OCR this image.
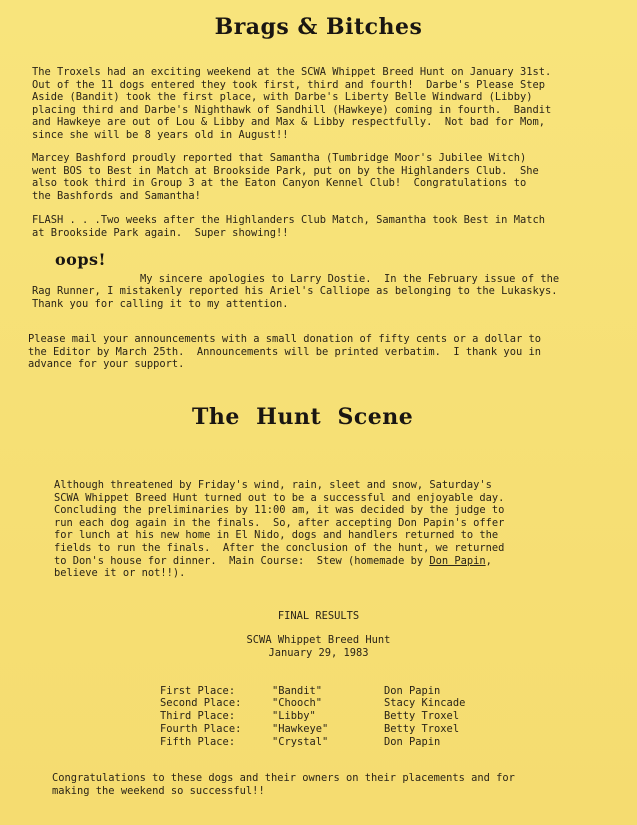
Brags & Bitches

The Troxels had an exciting weekend at the SCWA Whippet Breed Hunt on January 31st.
Out of the 11 dogs entered they took first, third and fourth!  Darbe's Please Step
Aside (Bandit) took the first place, with Darbe's Liberty Belle Windward (Libby)
placing third and Darbe's Nighthawk of Sandhill (Hawkeye) coming in fourth.  Bandit
and Hawkeye are out of Lou & Libby and Max & Libby respectfully.  Not bad for Mom,
since she will be 8 years old in August!!

Marcey Bashford proudly reported that Samantha (Tumbridge Moor's Jubilee Witch)
went BOS to Best in Match at Brookside Park, put on by the Highlanders Club.  She
also took third in Group 3 at the Eaton Canyon Kennel Club!  Congratulations to
the Bashfords and Samantha!

FLASH . . .Two weeks after the Highlanders Club Match, Samantha took Best in Match
at Brookside Park again.  Super showing!!

oops!

My sincere apologies to Larry Dostie.  In the February issue of the

Rag Runner, I mistakenly reported his Ariel's Calliope as belonging to the Lukaskys.
Thank you for calling it to my attention.

Please mail your announcements with a small donation of fifty cents or a dollar to
the Editor by March 25th.  Announcements will be printed verbatim.  I thank you in
advance for your support.

The  Hunt  Scene

Although threatened by Friday's wind, rain, sleet and snow, Saturday's
SCWA Whippet Breed Hunt turned out to be a successful and enjoyable day.
Concluding the preliminaries by 11:00 am, it was decided by the judge to
run each dog again in the finals.  So, after accepting Don Papin's offer
for lunch at his new home in El Nido, dogs and handlers returned to the
fields to run the finals.  After the conclusion of the hunt, we returned
to Don's house for dinner.  Main Course:  Stew (homemade by Don Papin,
believe it or not!!).

FINAL RESULTS
SCWA Whippet Breed Hunt
January 29, 1983
First Place:	"Bandit"	Don Papin
Second Place:	"Chooch"	Stacy Kincade
Third Place:	"Libby"	Betty Troxel
Fourth Place:	"Hawkeye"	Betty Troxel
Fifth Place:	"Crystal"	Don Papin

Congratulations to these dogs and their owners on their placements and for
making the weekend so successful!!
